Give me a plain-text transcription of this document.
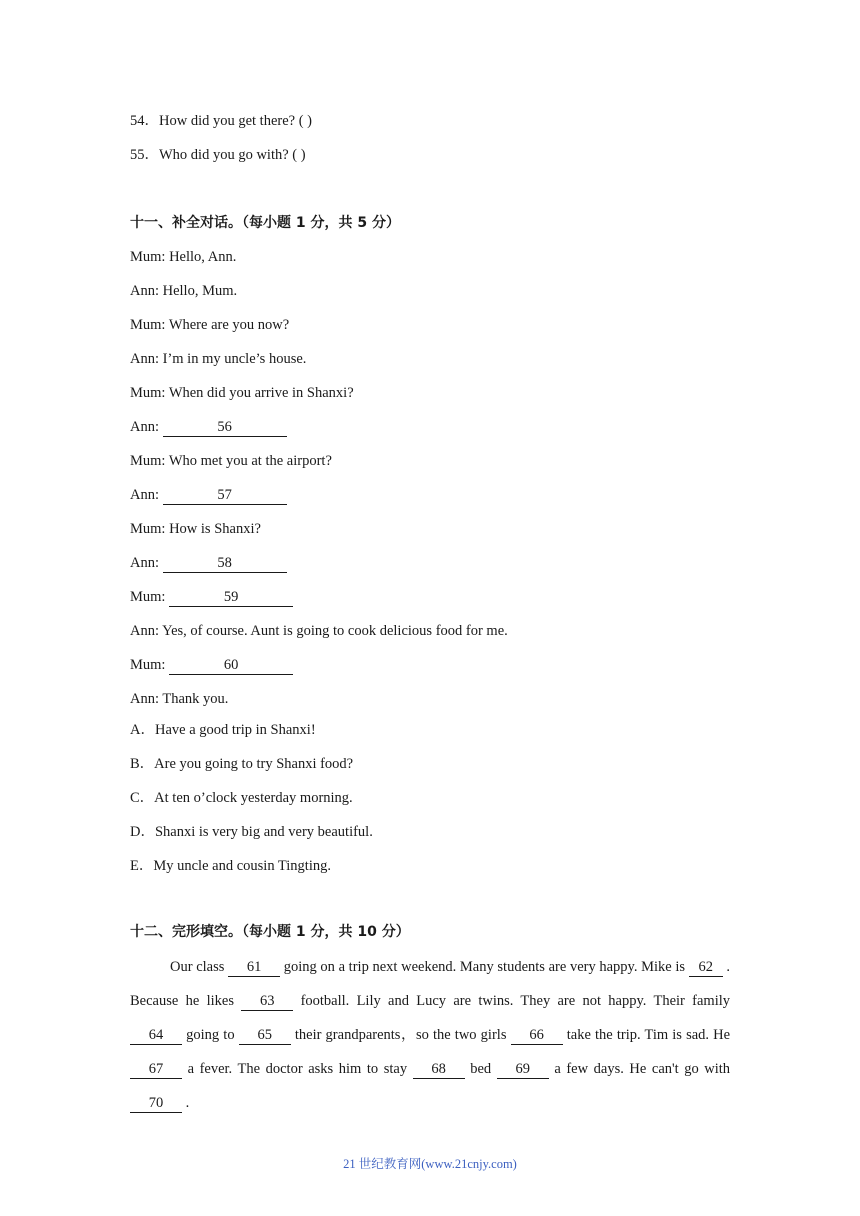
54．How did you get there? ( )
55．Who did you go with? ( )
十一、补全对话。（每小题 1 分，共 5 分）
Mum: Hello, Ann.
Ann: Hello, Mum.
Mum: Where are you now?
Ann: I’m in my uncle’s house.
Mum: When did you arrive in Shanxi?
Ann:	56
Mum: Who met you at the airport?
Ann:	57
Mum: How is Shanxi?
Ann:	58
Mum:	59
Ann: Yes, of course. Aunt is going to cook delicious food for me.
Mum:	60
Ann: Thank you.
A．Have a good trip in Shanxi!
B．Are you going to try Shanxi food?
C．At ten o’clock yesterday morning.
D．Shanxi is very big and very beautiful.
E．My uncle and cousin Tingting.
十二、完形填空。（每小题 1 分，共 10 分）
Our class 61 going on a trip next weekend. Many students are very happy. Mike is 62 . Because he likes 63 football. Lily and Lucy are twins. They are not happy. Their family 64 going to 65 their grandparents，so the two girls 66 take the trip. Tim is sad. He 67 a fever. The doctor asks him to stay 68 bed 69 a few days. He can't go with 70 .
21 世纪教育网(www.21cnjy.com)
